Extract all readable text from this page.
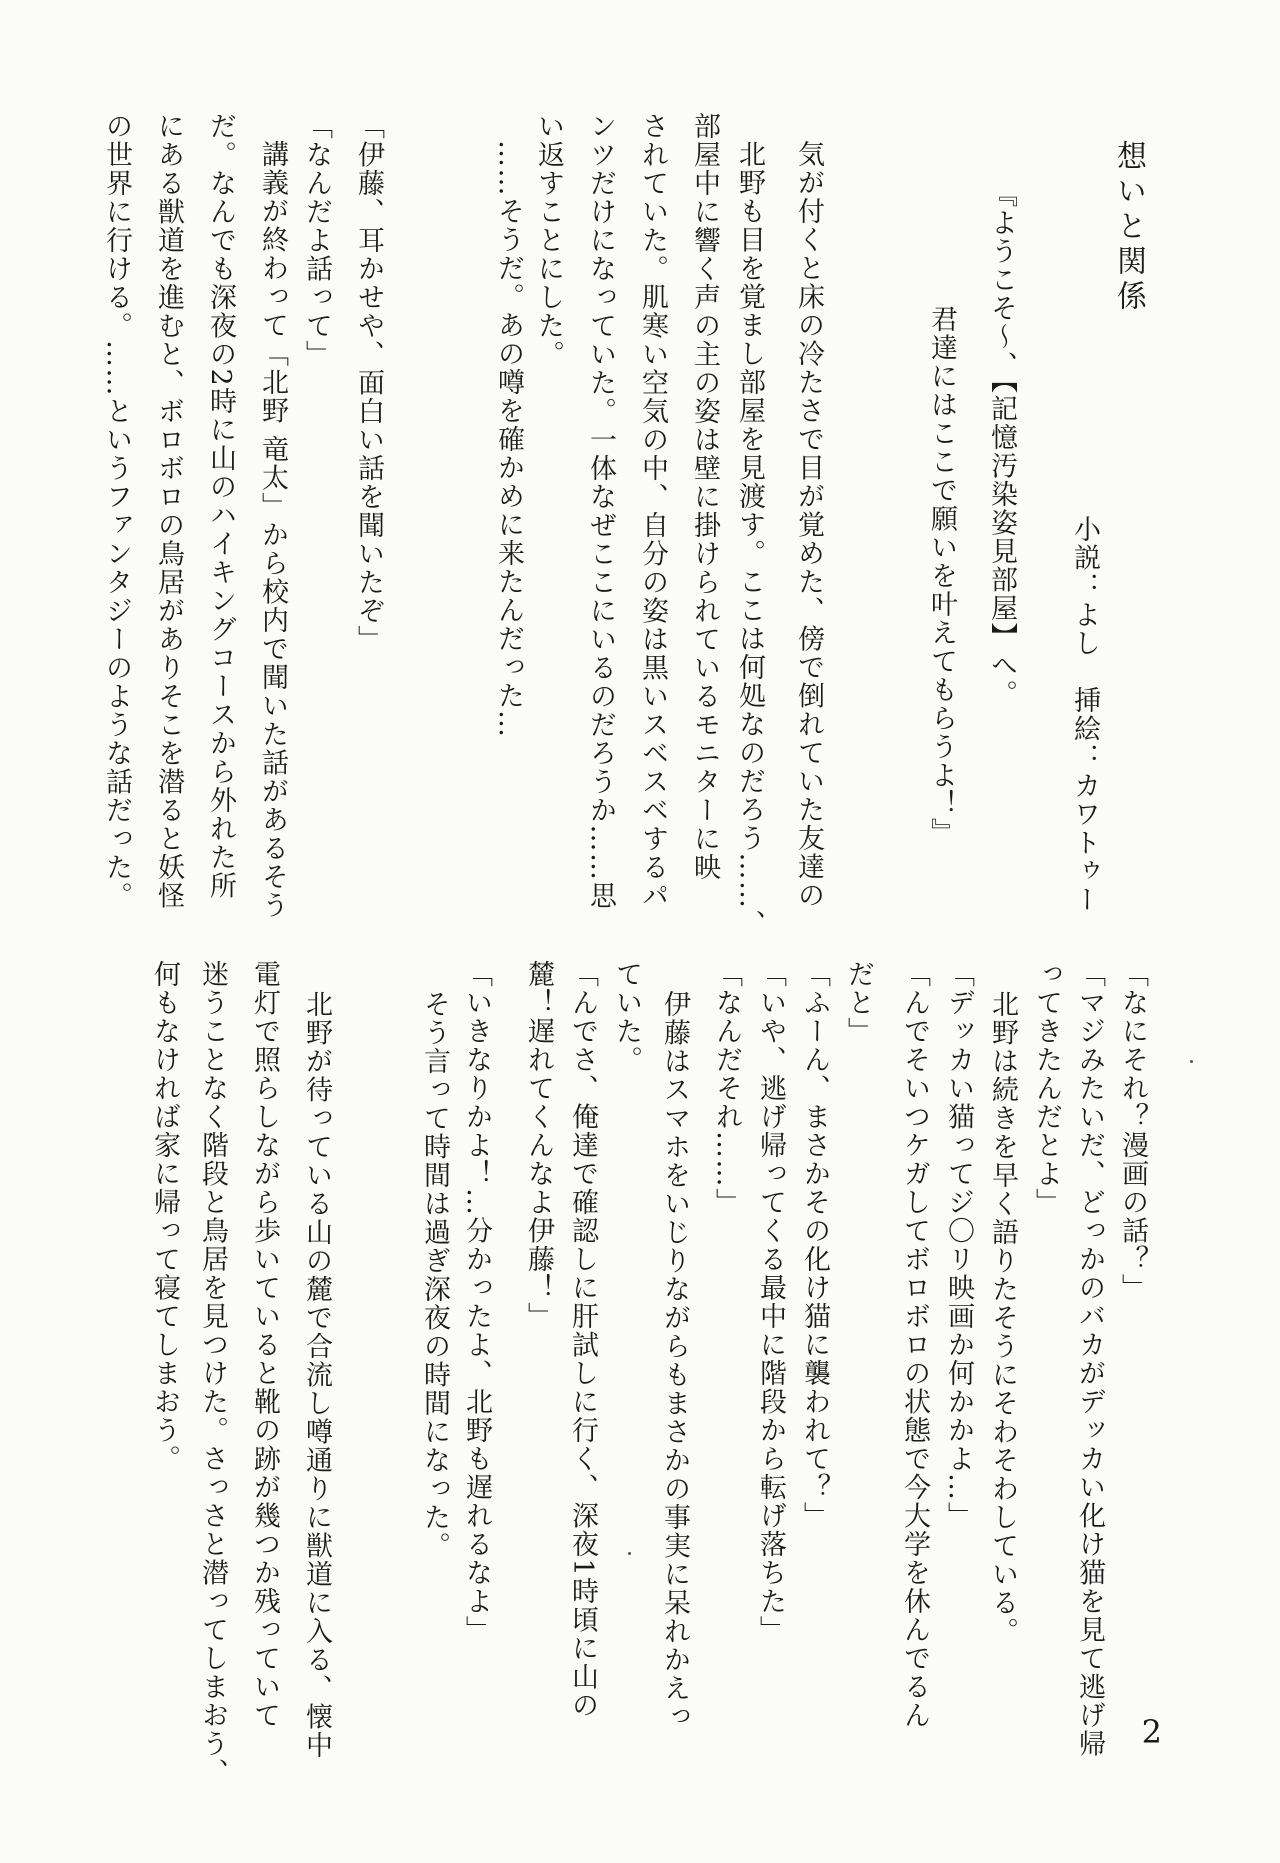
想いと関係
小説：よし　挿絵：カワトゥー
『ようこそ～、【記憶汚染姿見部屋】へ。
君達にはここで願いを叶えてもらうよ！』
気が付くと床の冷たさで目が覚めた、傍で倒れていた友達の
北野も目を覚まし部屋を見渡す。ここは何処なのだろう……、
部屋中に響く声の主の姿は壁に掛けられているモニターに映
されていた。肌寒い空気の中、自分の姿は黒いスベスベするパ
ンツだけになっていた。一体なぜここにいるのだろうか……思
い返すことにした。
……そうだ。あの噂を確かめに来たんだった…
「伊藤、耳かせや、面白い話を聞いたぞ」
「なんだよ話って」
講義が終わって「北野 竜太」から校内で聞いた話があるそう
だ。なんでも深夜の2時に山のハイキングコースから外れた所
にある獣道を進むと、ボロボロの鳥居がありそこを潜ると妖怪
の世界に行ける。……というファンタジーのような話だった。
「なにそれ？漫画の話？」
「マジみたいだ、どっかのバカがデッカい化け猫を見て逃げ帰
ってきたんだとよ」
北野は続きを早く語りたそうにそわそわしている。
「デッカい猫ってジ〇リ映画か何かかよ…」
「んでそいつケガしてボロボロの状態で今大学を休んでるん
だと」
「ふーん、まさかその化け猫に襲われて？」
「いや、逃げ帰ってくる最中に階段から転げ落ちた」
「なんだそれ……」
伊藤はスマホをいじりながらもまさかの事実に呆れかえっ
ていた。
「んでさ、俺達で確認しに肝試しに行く、深夜1時頃に山の
麓！遅れてくんなよ伊藤！」
「いきなりかよ！…分かったよ、北野も遅れるなよ」
そう言って時間は過ぎ深夜の時間になった。
北野が待っている山の麓で合流し噂通りに獣道に入る、懐中
電灯で照らしながら歩いていると靴の跡が幾つか残っていて
迷うことなく階段と鳥居を見つけた。さっさと潜ってしまおう、
何もなければ家に帰って寝てしまおう。
2
